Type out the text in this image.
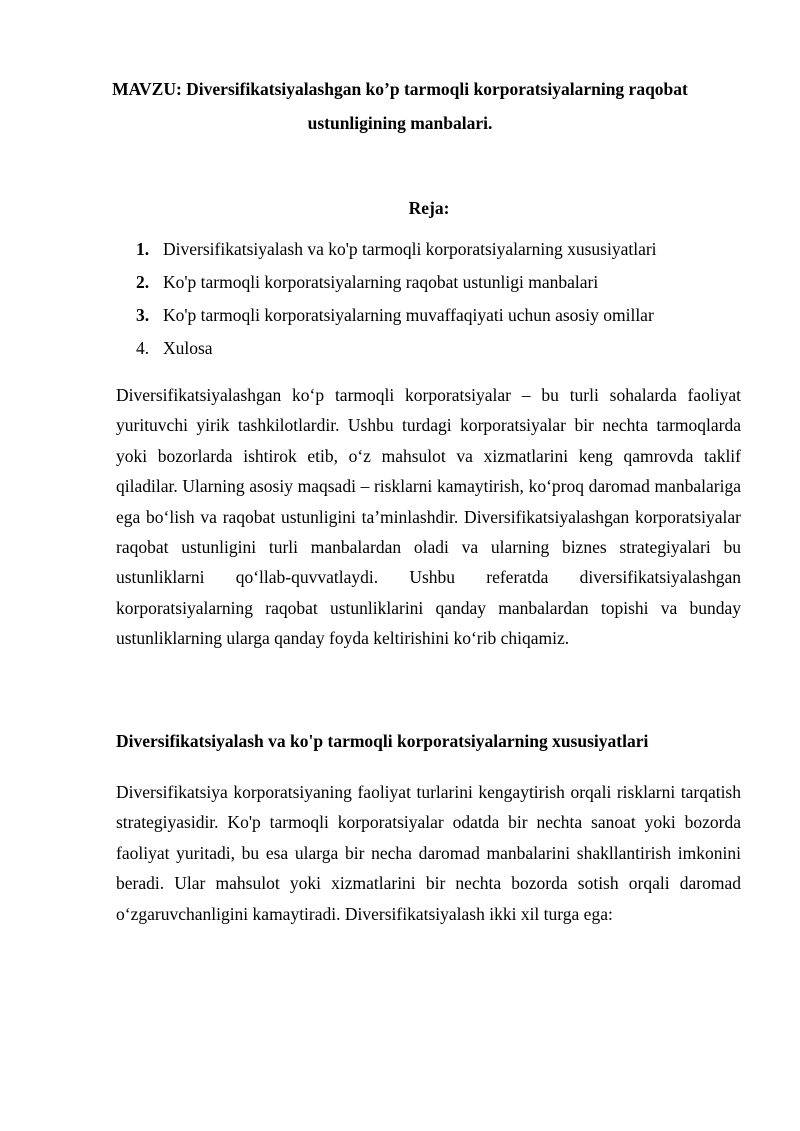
MAVZU: Diversifikatsiyalashgan ko’p tarmoqli korporatsiyalarning raqobat ustunligining manbalari.
Reja:
1. Diversifikatsiyalash va ko'p tarmoqli korporatsiyalarning xususiyatlari
2. Ko'p tarmoqli korporatsiyalarning raqobat ustunligi manbalari
3. Ko'p tarmoqli korporatsiyalarning muvaffaqiyati uchun asosiy omillar
4. Xulosa

Diversifikatsiyalashgan ko‘p tarmoqli korporatsiyalar – bu turli sohalarda faoliyat yurituvchi yirik tashkilotlardir. Ushbu turdagi korporatsiyalar bir nechta tarmoqlarda yoki bozorlarda ishtirok etib, o‘z mahsulot va xizmatlarini keng qamrovda taklif qiladilar. Ularning asosiy maqsadi – risklarni kamaytirish, ko‘proq daromad manbalariga ega bo‘lish va raqobat ustunligini ta’minlashdir. Diversifikatsiyalashgan korporatsiyalar raqobat ustunligini turli manbalardan oladi va ularning biznes strategiyalari bu ustunliklarni qo‘llab-quvvatlaydi. Ushbu referatda diversifikatsiyalashgan korporatsiyalarning raqobat ustunliklarini qanday manbalardan topishi va bunday ustunliklarning ularga qanday foyda keltirishini ko‘rib chiqamiz.

Diversifikatsiyalash va ko'p tarmoqli korporatsiyalarning xususiyatlari

Diversifikatsiya korporatsiyaning faoliyat turlarini kengaytirish orqali risklarni tarqatish strategiyasidir. Ko'p tarmoqli korporatsiyalar odatda bir nechta sanoat yoki bozorda faoliyat yuritadi, bu esa ularga bir necha daromad manbalarini shakllantirish imkonini beradi. Ular mahsulot yoki xizmatlarini bir nechta bozorda sotish orqali daromad o‘zgaruvchanligini kamaytiradi. Diversifikatsiyalash ikki xil turga ega:
